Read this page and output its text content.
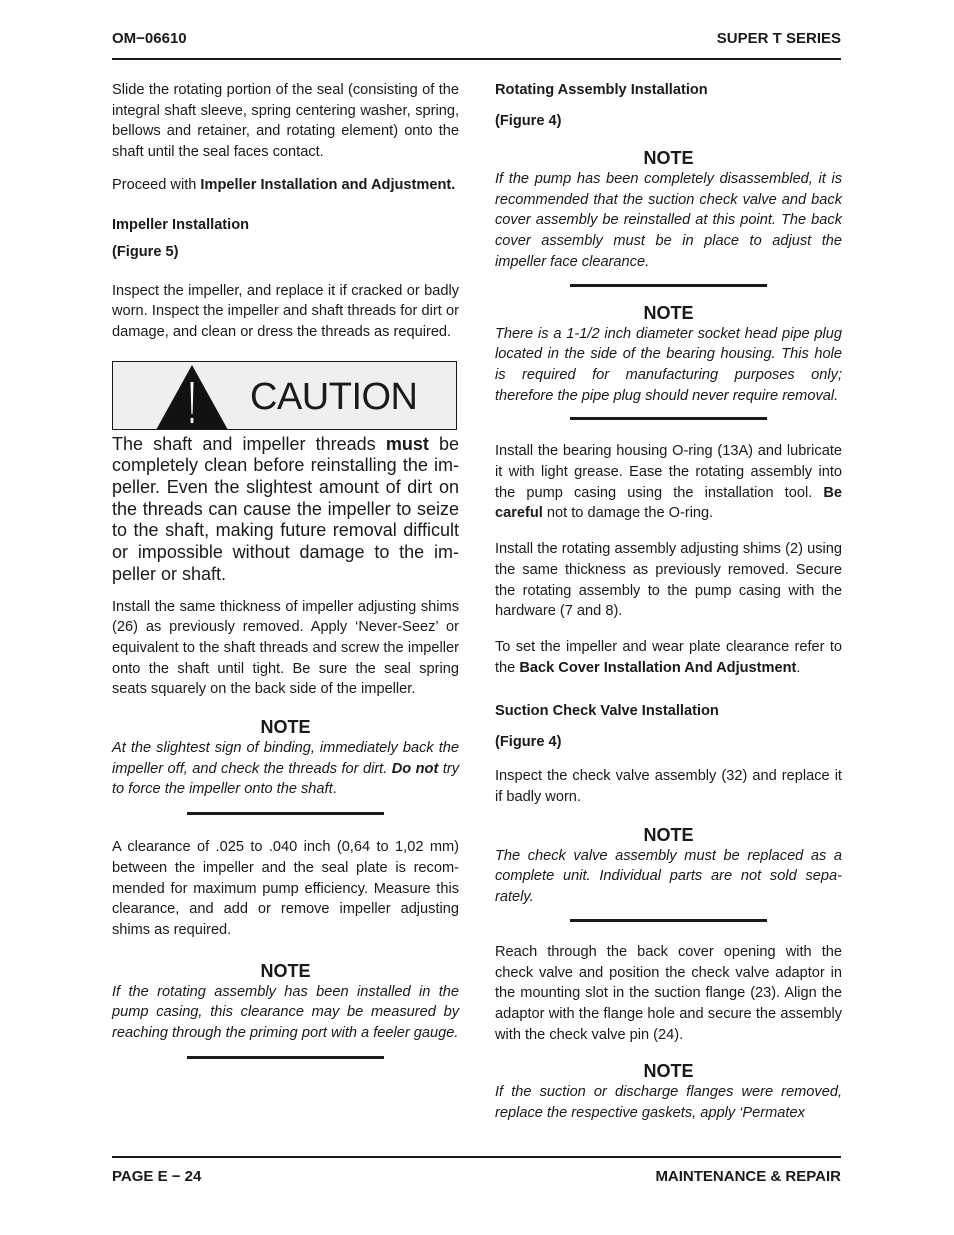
OM−06610	SUPER T SERIES

Slide the rotating portion of the seal (consisting of the integral shaft sleeve, spring centering washer, spring, bellows and retainer, and rotating element) onto the shaft until the seal faces contact.

Proceed with Impeller Installation and Adjustment.

Impeller Installation
(Figure 5)

Inspect the impeller, and replace it if cracked or badly worn. Inspect the impeller and shaft threads for dirt or damage, and clean or dress the threads as required.

CAUTION

The shaft and impeller threads must be completely clean before reinstalling the impeller. Even the slightest amount of dirt on the threads can cause the impeller to seize to the shaft, making future removal difficult or impossible without damage to the impeller or shaft.

Install the same thickness of impeller adjusting shims (26) as previously removed. Apply ‘Never-Seez’ or equivalent to the shaft threads and screw the impeller onto the shaft until tight. Be sure the seal spring seats squarely on the back side of the impeller.

NOTE

At the slightest sign of binding, immediately back the impeller off, and check the threads for dirt. Do not try to force the impeller onto the shaft.

A clearance of .025 to .040 inch (0,64 to 1,02 mm) between the impeller and the seal plate is recommended for maximum pump efficiency. Measure this clearance, and add or remove impeller adjusting shims as required.

NOTE

If the rotating assembly has been installed in the pump casing, this clearance may be measured by reaching through the priming port with a feeler gauge.

Rotating Assembly Installation
(Figure 4)
NOTE

If the pump has been completely disassembled, it is recommended that the suction check valve and back cover assembly be reinstalled at this point. The back cover assembly must be in place to adjust the impeller face clearance.

NOTE

There is a 1-1/2 inch diameter socket head pipe plug located in the side of the bearing housing. This hole is required for manufacturing purposes only; therefore the pipe plug should never require removal.

Install the bearing housing O-ring (13A) and lubricate it with light grease. Ease the rotating assembly into the pump casing using the installation tool. Be careful not to damage the O-ring.

Install the rotating assembly adjusting shims (2) using the same thickness as previously removed. Secure the rotating assembly to the pump casing with the hardware (7 and 8).

To set the impeller and wear plate clearance refer to the Back Cover Installation And Adjustment.

Suction Check Valve Installation
(Figure 4)

Inspect the check valve assembly (32) and replace it if badly worn.

NOTE

The check valve assembly must be replaced as a complete unit. Individual parts are not sold separately.

Reach through the back cover opening with the check valve and position the check valve adaptor in the mounting slot in the suction flange (23). Align the adaptor with the flange hole and secure the assembly with the check valve pin (24).

NOTE

If the suction or discharge flanges were removed, replace the respective gaskets, apply ‘Permatex

PAGE E − 24	MAINTENANCE & REPAIR
